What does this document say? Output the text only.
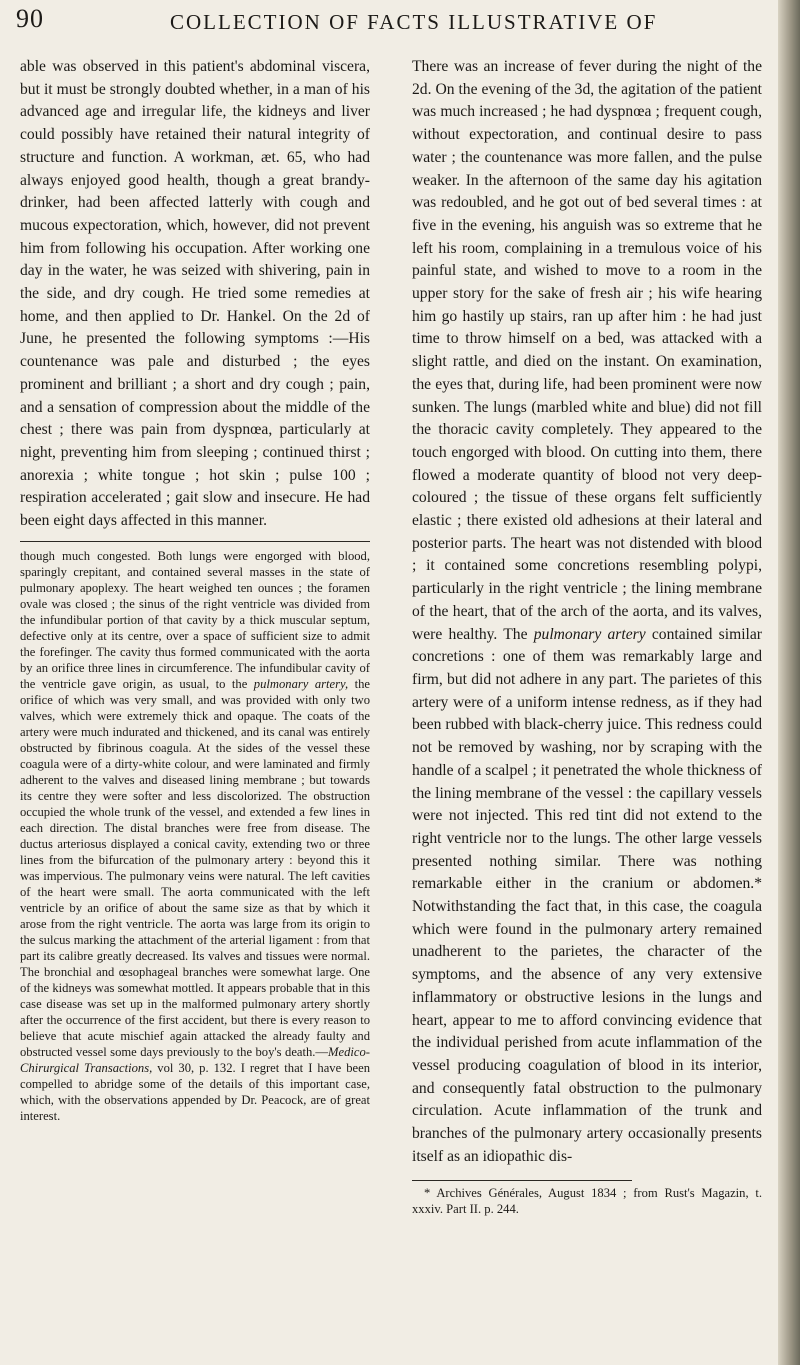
90	COLLECTION OF FACTS ILLUSTRATIVE OF

able was observed in this patient's abdominal viscera, but it must be strongly doubted whether, in a man of his advanced age and irregular life, the kidneys and liver could possibly have retained their natural integrity of structure and function. A workman, æt. 65, who had always enjoyed good health, though a great brandy-drinker, had been affected latterly with cough and mucous expectoration, which, however, did not prevent him from following his occupation. After working one day in the water, he was seized with shivering, pain in the side, and dry cough. He tried some remedies at home, and then applied to Dr. Hankel. On the 2d of June, he presented the following symptoms :—His countenance was pale and disturbed ; the eyes prominent and brilliant ; a short and dry cough ; pain, and a sensation of compression about the middle of the chest ; there was pain from dyspnœa, particularly at night, preventing him from sleeping ; continued thirst ; anorexia ; white tongue ; hot skin ; pulse 100 ; respiration accelerated ; gait slow and insecure. He had been eight days affected in this manner.

though much congested. Both lungs were engorged with blood, sparingly crepitant, and contained several masses in the state of pulmonary apoplexy. The heart weighed ten ounces ; the foramen ovale was closed ; the sinus of the right ventricle was divided from the infundibular portion of that cavity by a thick muscular septum, defective only at its centre, over a space of sufficient size to admit the forefinger. The cavity thus formed communicated with the aorta by an orifice three lines in circumference. The infundibular cavity of the ventricle gave origin, as usual, to the pulmonary artery, the orifice of which was very small, and was provided with only two valves, which were extremely thick and opaque. The coats of the artery were much indurated and thickened, and its canal was entirely obstructed by fibrinous coagula. At the sides of the vessel these coagula were of a dirty-white colour, and were laminated and firmly adherent to the valves and diseased lining membrane ; but towards its centre they were softer and less discolorized. The obstruction occupied the whole trunk of the vessel, and extended a few lines in each direction. The distal branches were free from disease. The ductus arteriosus displayed a conical cavity, extending two or three lines from the bifurcation of the pulmonary artery : beyond this it was impervious. The pulmonary veins were natural. The left cavities of the heart were small. The aorta communicated with the left ventricle by an orifice of about the same size as that by which it arose from the right ventricle. The aorta was large from its origin to the sulcus marking the attachment of the arterial ligament : from that part its calibre greatly decreased. Its valves and tissues were normal. The bronchial and œsophageal branches were somewhat large. One of the kidneys was somewhat mottled. It appears probable that in this case disease was set up in the malformed pulmonary artery shortly after the occurrence of the first accident, but there is every reason to believe that acute mischief again attacked the already faulty and obstructed vessel some days previously to the boy's death.—Medico-Chirurgical Transactions, vol 30, p. 132. I regret that I have been compelled to abridge some of the details of this important case, which, with the observations appended by Dr. Peacock, are of great interest.

There was an increase of fever during the night of the 2d. On the evening of the 3d, the agitation of the patient was much increased ; he had dyspnœa ; frequent cough, without expectoration, and continual desire to pass water ; the countenance was more fallen, and the pulse weaker. In the afternoon of the same day his agitation was redoubled, and he got out of bed several times : at five in the evening, his anguish was so extreme that he left his room, complaining in a tremulous voice of his painful state, and wished to move to a room in the upper story for the sake of fresh air ; his wife hearing him go hastily up stairs, ran up after him : he had just time to throw himself on a bed, was attacked with a slight rattle, and died on the instant. On examination, the eyes that, during life, had been prominent were now sunken. The lungs (marbled white and blue) did not fill the thoracic cavity completely. They appeared to the touch engorged with blood. On cutting into them, there flowed a moderate quantity of blood not very deep-coloured ; the tissue of these organs felt sufficiently elastic ; there existed old adhesions at their lateral and posterior parts. The heart was not distended with blood ; it contained some concretions resembling polypi, particularly in the right ventricle ; the lining membrane of the heart, that of the arch of the aorta, and its valves, were healthy. The pulmonary artery contained similar concretions : one of them was remarkably large and firm, but did not adhere in any part. The parietes of this artery were of a uniform intense redness, as if they had been rubbed with black-cherry juice. This redness could not be removed by washing, nor by scraping with the handle of a scalpel ; it penetrated the whole thickness of the lining membrane of the vessel : the capillary vessels were not injected. This red tint did not extend to the right ventricle nor to the lungs. The other large vessels presented nothing similar. There was nothing remarkable either in the cranium or abdomen.* Notwithstanding the fact that, in this case, the coagula which were found in the pulmonary artery remained unadherent to the parietes, the character of the symptoms, and the absence of any very extensive inflammatory or obstructive lesions in the lungs and heart, appear to me to afford convincing evidence that the individual perished from acute inflammation of the vessel producing coagulation of blood in its interior, and consequently fatal obstruction to the pulmonary circulation. Acute inflammation of the trunk and branches of the pulmonary artery occasionally presents itself as an idiopathic dis-

* Archives Générales, August 1834 ; from Rust's Magazin, t. xxxiv. Part II. p. 244.
